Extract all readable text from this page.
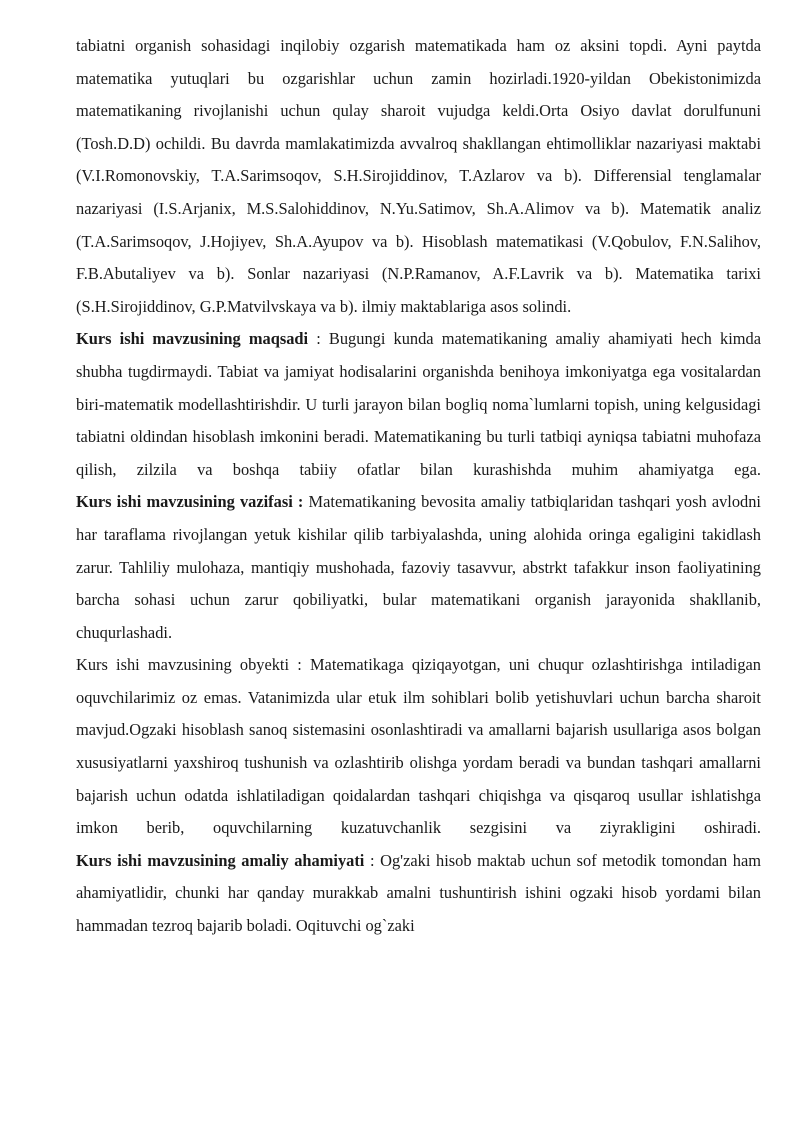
tabiatni organish sohasidagi inqilobiy ozgarish matematikada ham oz aksini topdi. Ayni paytda matematika yutuqlari bu ozgarishlar uchun zamin hozirladi.1920-yildan Obekistonimizda matematikaning rivojlanishi uchun qulay sharoit vujudga keldi.Orta Osiyo davlat dorulfununi (Tosh.D.D) ochildi. Bu davrda mamlakatimizda avvalroq shakllangan ehtimolliklar nazariyasi maktabi (V.I.Romonovskiy, T.A.Sarimsoqov, S.H.Sirojiddinov, T.Azlarov va b). Differensial tenglamalar nazariyasi (I.S.Arjanix, M.S.Salohiddinov, N.Yu.Satimov, Sh.A.Alimov va b). Matematik analiz (T.A.Sarimsoqov, J.Hojiyev, Sh.A.Ayupov va b). Hisoblash matematikasi (V.Qobulov, F.N.Salihov, F.B.Abutaliyev va b). Sonlar nazariyasi (N.P.Ramanov, A.F.Lavrik va b). Matematika tarixi (S.H.Sirojiddinov, G.P.Matvilvskaya va b). ilmiy maktablariga asos solindi.

Kurs ishi mavzusining maqsadi : Bugungi kunda matematikaning amaliy ahamiyati hech kimda shubha tugdirmaydi. Tabiat va jamiyat hodisalarini organishda benihoya imkoniyatga ega vositalardan biri-matematik modellashtirishdir. U turli jarayon bilan bogliq noma`lumlarni topish, uning kelgusidagi tabiatni oldindan hisoblash imkonini beradi. Matematikaning bu turli tatbiqi ayniqsa tabiatni muhofaza qilish, zilzila va boshqa tabiiy ofatlar bilan kurashishda muhim ahamiyatga ega.

Kurs ishi mavzusining vazifasi : Matematikaning bevosita amaliy tatbiqlaridan tashqari yosh avlodni har taraflama rivojlangan yetuk kishilar qilib tarbiyalashda, uning alohida oringa egaligini takidlash zarur. Tahliliy mulohaza, mantiqiy mushohada, fazoviy tasavvur, abstrkt tafakkur inson faoliyatining barcha sohasi uchun zarur qobiliyatki, bular matematikani organish jarayonida shakllanib, chuqurlashadi.

Kurs ishi mavzusining obyekti : Matematikaga qiziqayotgan, uni chuqur ozlashtirishga intiladigan oquvchilarimiz oz emas. Vatanimizda ular etuk ilm sohiblari bolib yetishuvlari uchun barcha sharoit mavjud.Ogzaki hisoblash sanoq sistemasini osonlashtiradi va amallarni bajarish usullariga asos bolgan xususiyatlarni yaxshiroq tushunish va ozlashtirib olishga yordam beradi va bundan tashqari amallarni bajarish uchun odatda ishlatiladigan qoidalardan tashqari chiqishga va qisqaroq usullar ishlatishga imkon berib, oquvchilarning kuzatuvchanlik sezgisini va ziyrakligini oshiradi.

Kurs ishi mavzusining amaliy ahamiyati : Og'zaki hisob maktab uchun sof metodik tomondan ham ahamiyatlidir, chunki har qanday murakkab amalni tushuntirish ishini ogzaki hisob yordami bilan hammadan tezroq bajarib boladi. Oqituvchi og`zaki
